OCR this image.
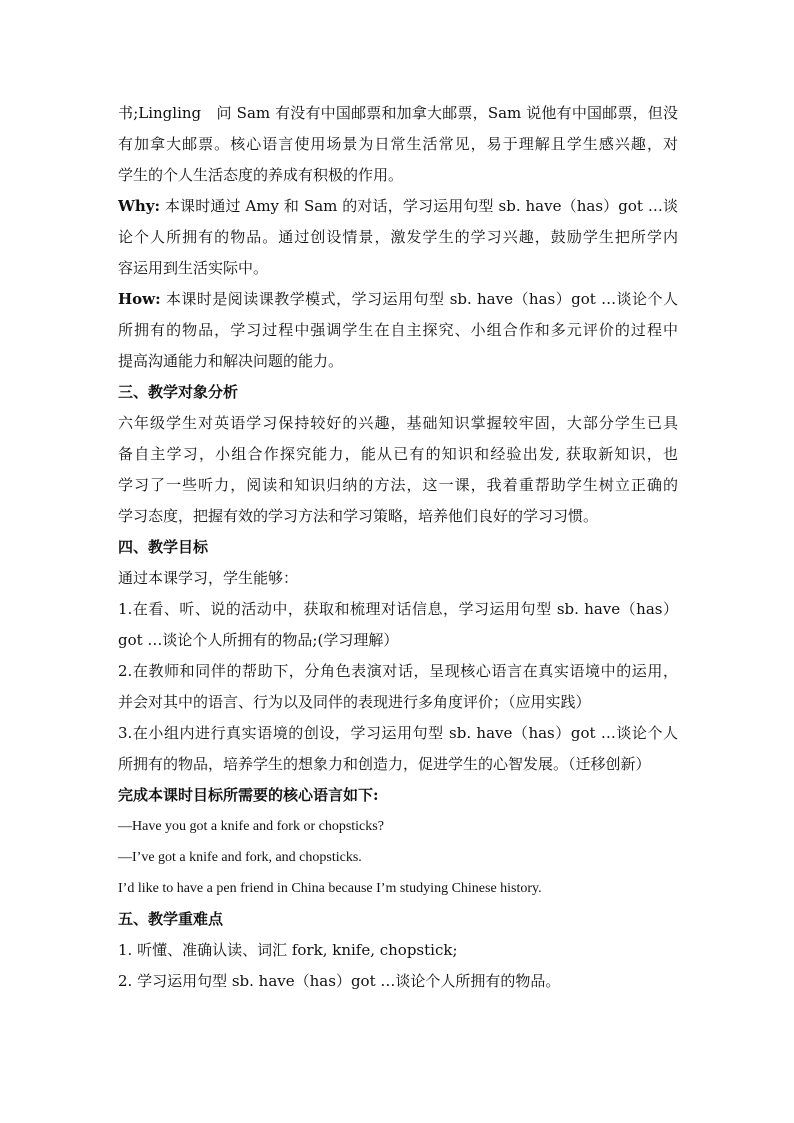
书;Lingling　问 Sam 有没有中国邮票和加拿大邮票，Sam 说他有中国邮票，但没
有加拿大邮票。核心语言使用场景为日常生活常见，易于理解且学生感兴趣，对
学生的个人生活态度的养成有积极的作用。
Why: 本课时通过 Amy 和 Sam 的对话，学习运用句型 sb. have（has）got …谈
论个人所拥有的物品。通过创设情景，激发学生的学习兴趣，鼓励学生把所学内
容运用到生活实际中。
How: 本课时是阅读课教学模式，学习运用句型 sb. have（has）got …谈论个人
所拥有的物品，学习过程中强调学生在自主探究、小组合作和多元评价的过程中
提高沟通能力和解决问题的能力。
三、教学对象分析
六年级学生对英语学习保持较好的兴趣，基础知识掌握较牢固，大部分学生已具
备自主学习，小组合作探究能力，能从已有的知识和经验出发, 获取新知识，也
学习了一些听力，阅读和知识归纳的方法，这一课，我着重帮助学生树立正确的
学习态度，把握有效的学习方法和学习策略，培养他们良好的学习习惯。
四、教学目标
通过本课学习，学生能够：
1.在看、听、说的活动中，获取和梳理对话信息，学习运用句型 sb. have（has）
got …谈论个人所拥有的物品;(学习理解）
2.在教师和同伴的帮助下，分角色表演对话，呈现核心语言在真实语境中的运用，
并会对其中的语言、行为以及同伴的表现进行多角度评价；（应用实践）
3.在小组内进行真实语境的创设，学习运用句型 sb. have（has）got …谈论个人
所拥有的物品，培养学生的想象力和创造力，促进学生的心智发展。（迁移创新）
完成本课时目标所需要的核心语言如下:
—Have you got a knife and fork or chopsticks?
—I’ve got a knife and fork, and chopsticks.
I’d like to have a pen friend in China because I’m studying Chinese history.
五、教学重难点
1. 听懂、准确认读、词汇 fork, knife, chopstick;
2. 学习运用句型 sb. have（has）got …谈论个人所拥有的物品。
